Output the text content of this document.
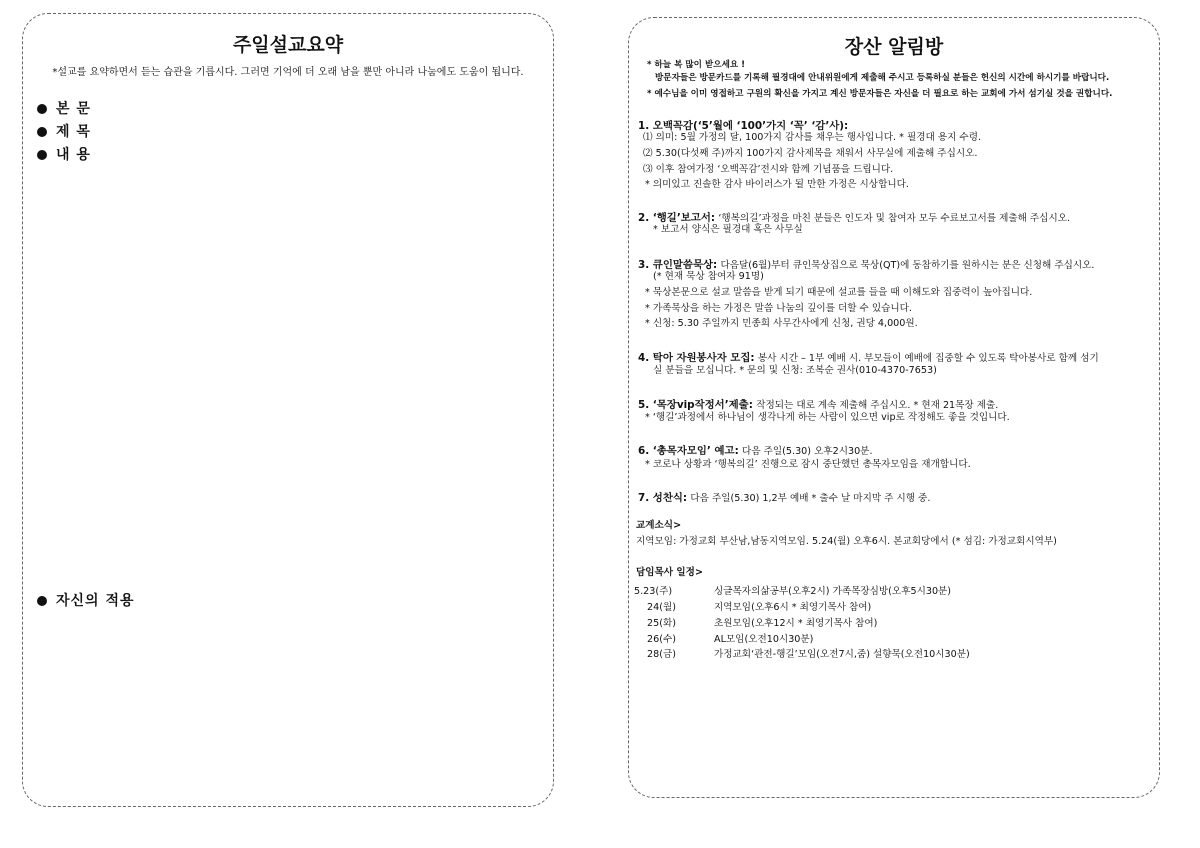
주일설교요약
*설교를 요약하면서 듣는 습관을 기릅시다. 그러면 기억에 더 오래 남을 뿐만 아니라 나눔에도 도움이 됩니다.
본 문
제 목
내 용
자신의 적용
장산 알림방
* 하늘 복 많이 받으세요 !
방문자들은 방문카드를 기록해 필경대에 안내위원에게 제출해 주시고 등록하실 분들은 헌신의 시간에 하시기를 바랍니다.
* 예수님을 이미 영접하고 구원의 확신을 가지고 계신 방문자들은 자신을 더 필요로 하는 교회에 가서 섬기실 것을 권합니다.
1. 오백꼭감(‘5’월에 ‘100’가지 ‘꼭’ ‘감’사):
⑴ 의미: 5월 가정의 달, 100가지 감사를 채우는 행사입니다. * 필경대 용지 수령.
⑵ 5.30(다섯째 주)까지 100가지 감사제목을 채워서 사무실에 제출해 주십시오.
⑶ 이후 참여가정 ‘오백꼭감’전시와 함께 기념품을 드립니다.
* 의미있고 진솔한 감사 바이러스가 될 만한 가정은 시상합니다.
2. ‘행길’보고서: ‘행복의길’과정을 마친 분들은 인도자 및 참여자 모두 수료보고서를 제출해 주십시오.
* 보고서 양식은 필경대 혹은 사무실
3. 큐인말씀묵상: 다음달(6월)부터 큐인묵상집으로 묵상(QT)에 동참하기를 원하시는 분은 신청해 주십시오.
(* 현재 묵상 참여자 91명)
* 묵상본문으로 설교 말씀을 받게 되기 때문에 설교를 들을 때 이해도와 집중력이 높아집니다.
* 가족묵상을 하는 가정은 말씀 나눔의 깊이를 더할 수 있습니다.
* 신청: 5.30 주일까지 민종희 사무간사에게 신청, 권당 4,000원.
4. 탁아 자원봉사자 모집: 봉사 시간 – 1부 예배 시. 부모들이 예배에 집중할 수 있도록 탁아봉사로 함께 섬기
실 분들을 모십니다. * 문의 및 신청: 조복순 권사(010-4370-7653)
5. ‘목장vip작정서’제출: 작정되는 대로 계속 제출해 주십시오. * 현재 21목장 제출.
* ‘행길’과정에서 하나님이 생각나게 하는 사람이 있으면 vip로 작정해도 좋을 것입니다.
6. ‘총목자모임’ 예고: 다음 주일(5.30) 오후2시30분.
* 코로나 상황과 ‘행복의길’ 진행으로 잠시 중단했던 총목자모임을 재개합니다.
7. 성찬식: 다음 주일(5.30) 1,2부 예배 * 출수 날 마지막 주 시행 중.
교계소식>
지역모임: 가정교회 부산남,남동지역모임. 5.24(월) 오후6시. 본교회당에서 (* 섬김: 가정교회시역부)
담임목사 일정>
5.23(주)	싱글목자의삶공부(오후2시) 가족목장심방(오후5시30분)
24(월)	지역모임(오후6시 * 최영기목사 참여)
25(화)	초원모임(오후12시 * 최영기목사 참여)
26(수)	AL모임(오전10시30분)
28(금)	가정교회‘관전-행길’모임(오전7시,줌) 설향묵(오전10시30분)
